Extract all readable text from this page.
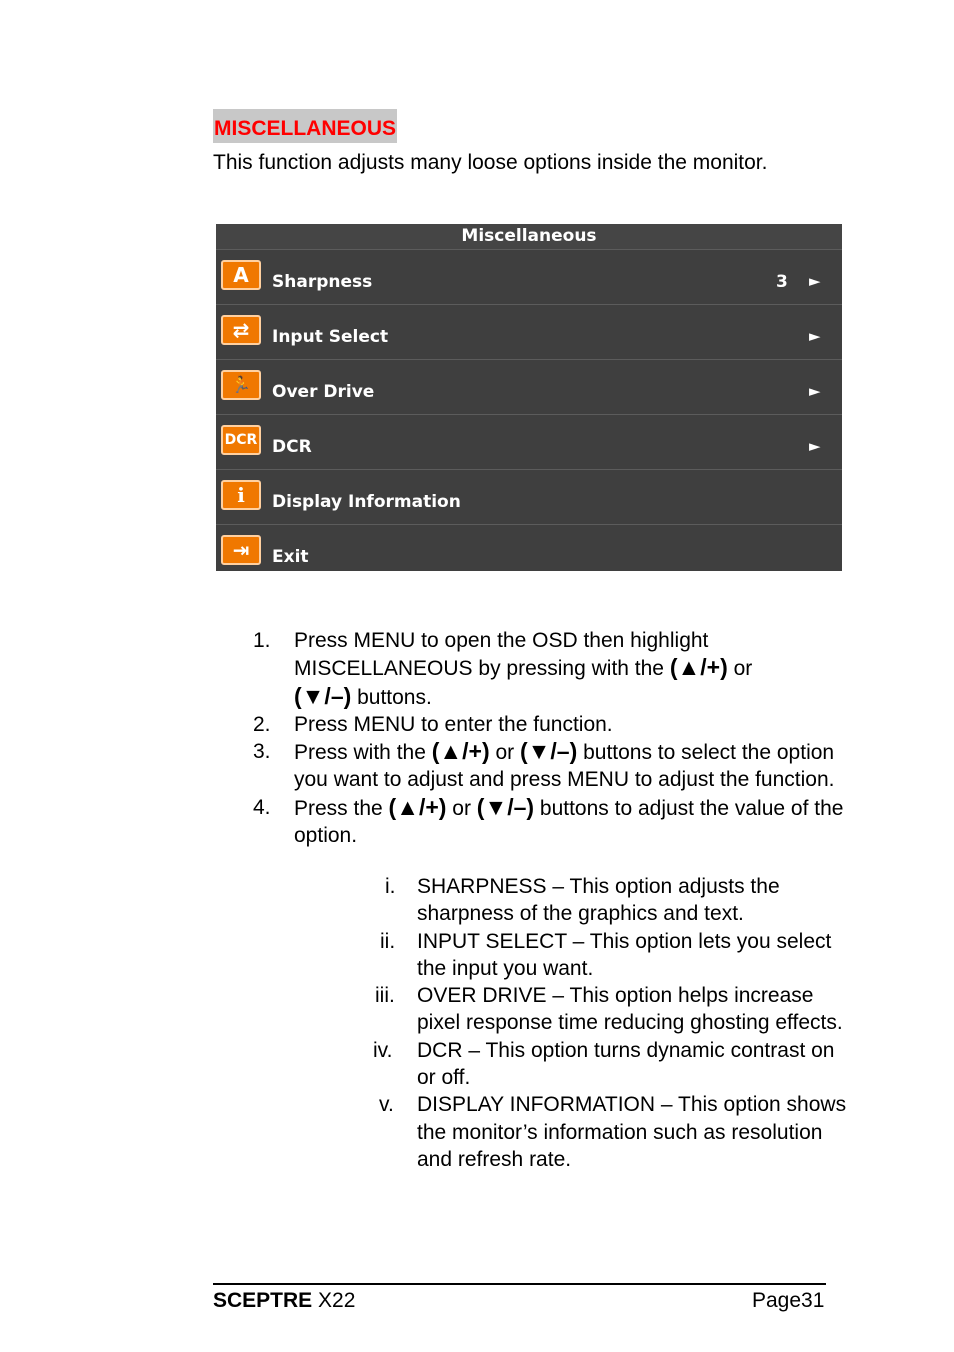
MISCELLANEOUS
This function adjusts many loose options inside the monitor.
Miscellaneous
A	Sharpness	3 ►
⇄	Input Select	►
🏃	Over Drive	►
DCR DCR	►
i	Display Information
⇥	Exit
1. Press MENU to open the OSD then highlight MISCELLANEOUS by pressing with the (▲/+) or
(▼/–) buttons.
2. Press MENU to enter the function.
3. Press with the (▲/+) or (▼/–) buttons to select the option you want to adjust and press MENU to adjust the function.
4. Press the (▲/+) or (▼/–) buttons to adjust the value of the option.
i. SHARPNESS – This option adjusts the sharpness of the graphics and text.
ii. INPUT SELECT – This option lets you select the input you want.
iii. OVER DRIVE – This option helps increase pixel response time reducing ghosting effects.
iv. DCR – This option turns dynamic contrast on or off.
v. DISPLAY INFORMATION – This option shows the monitor’s information such as resolution and refresh rate.
SCEPTRE X22	Page31
